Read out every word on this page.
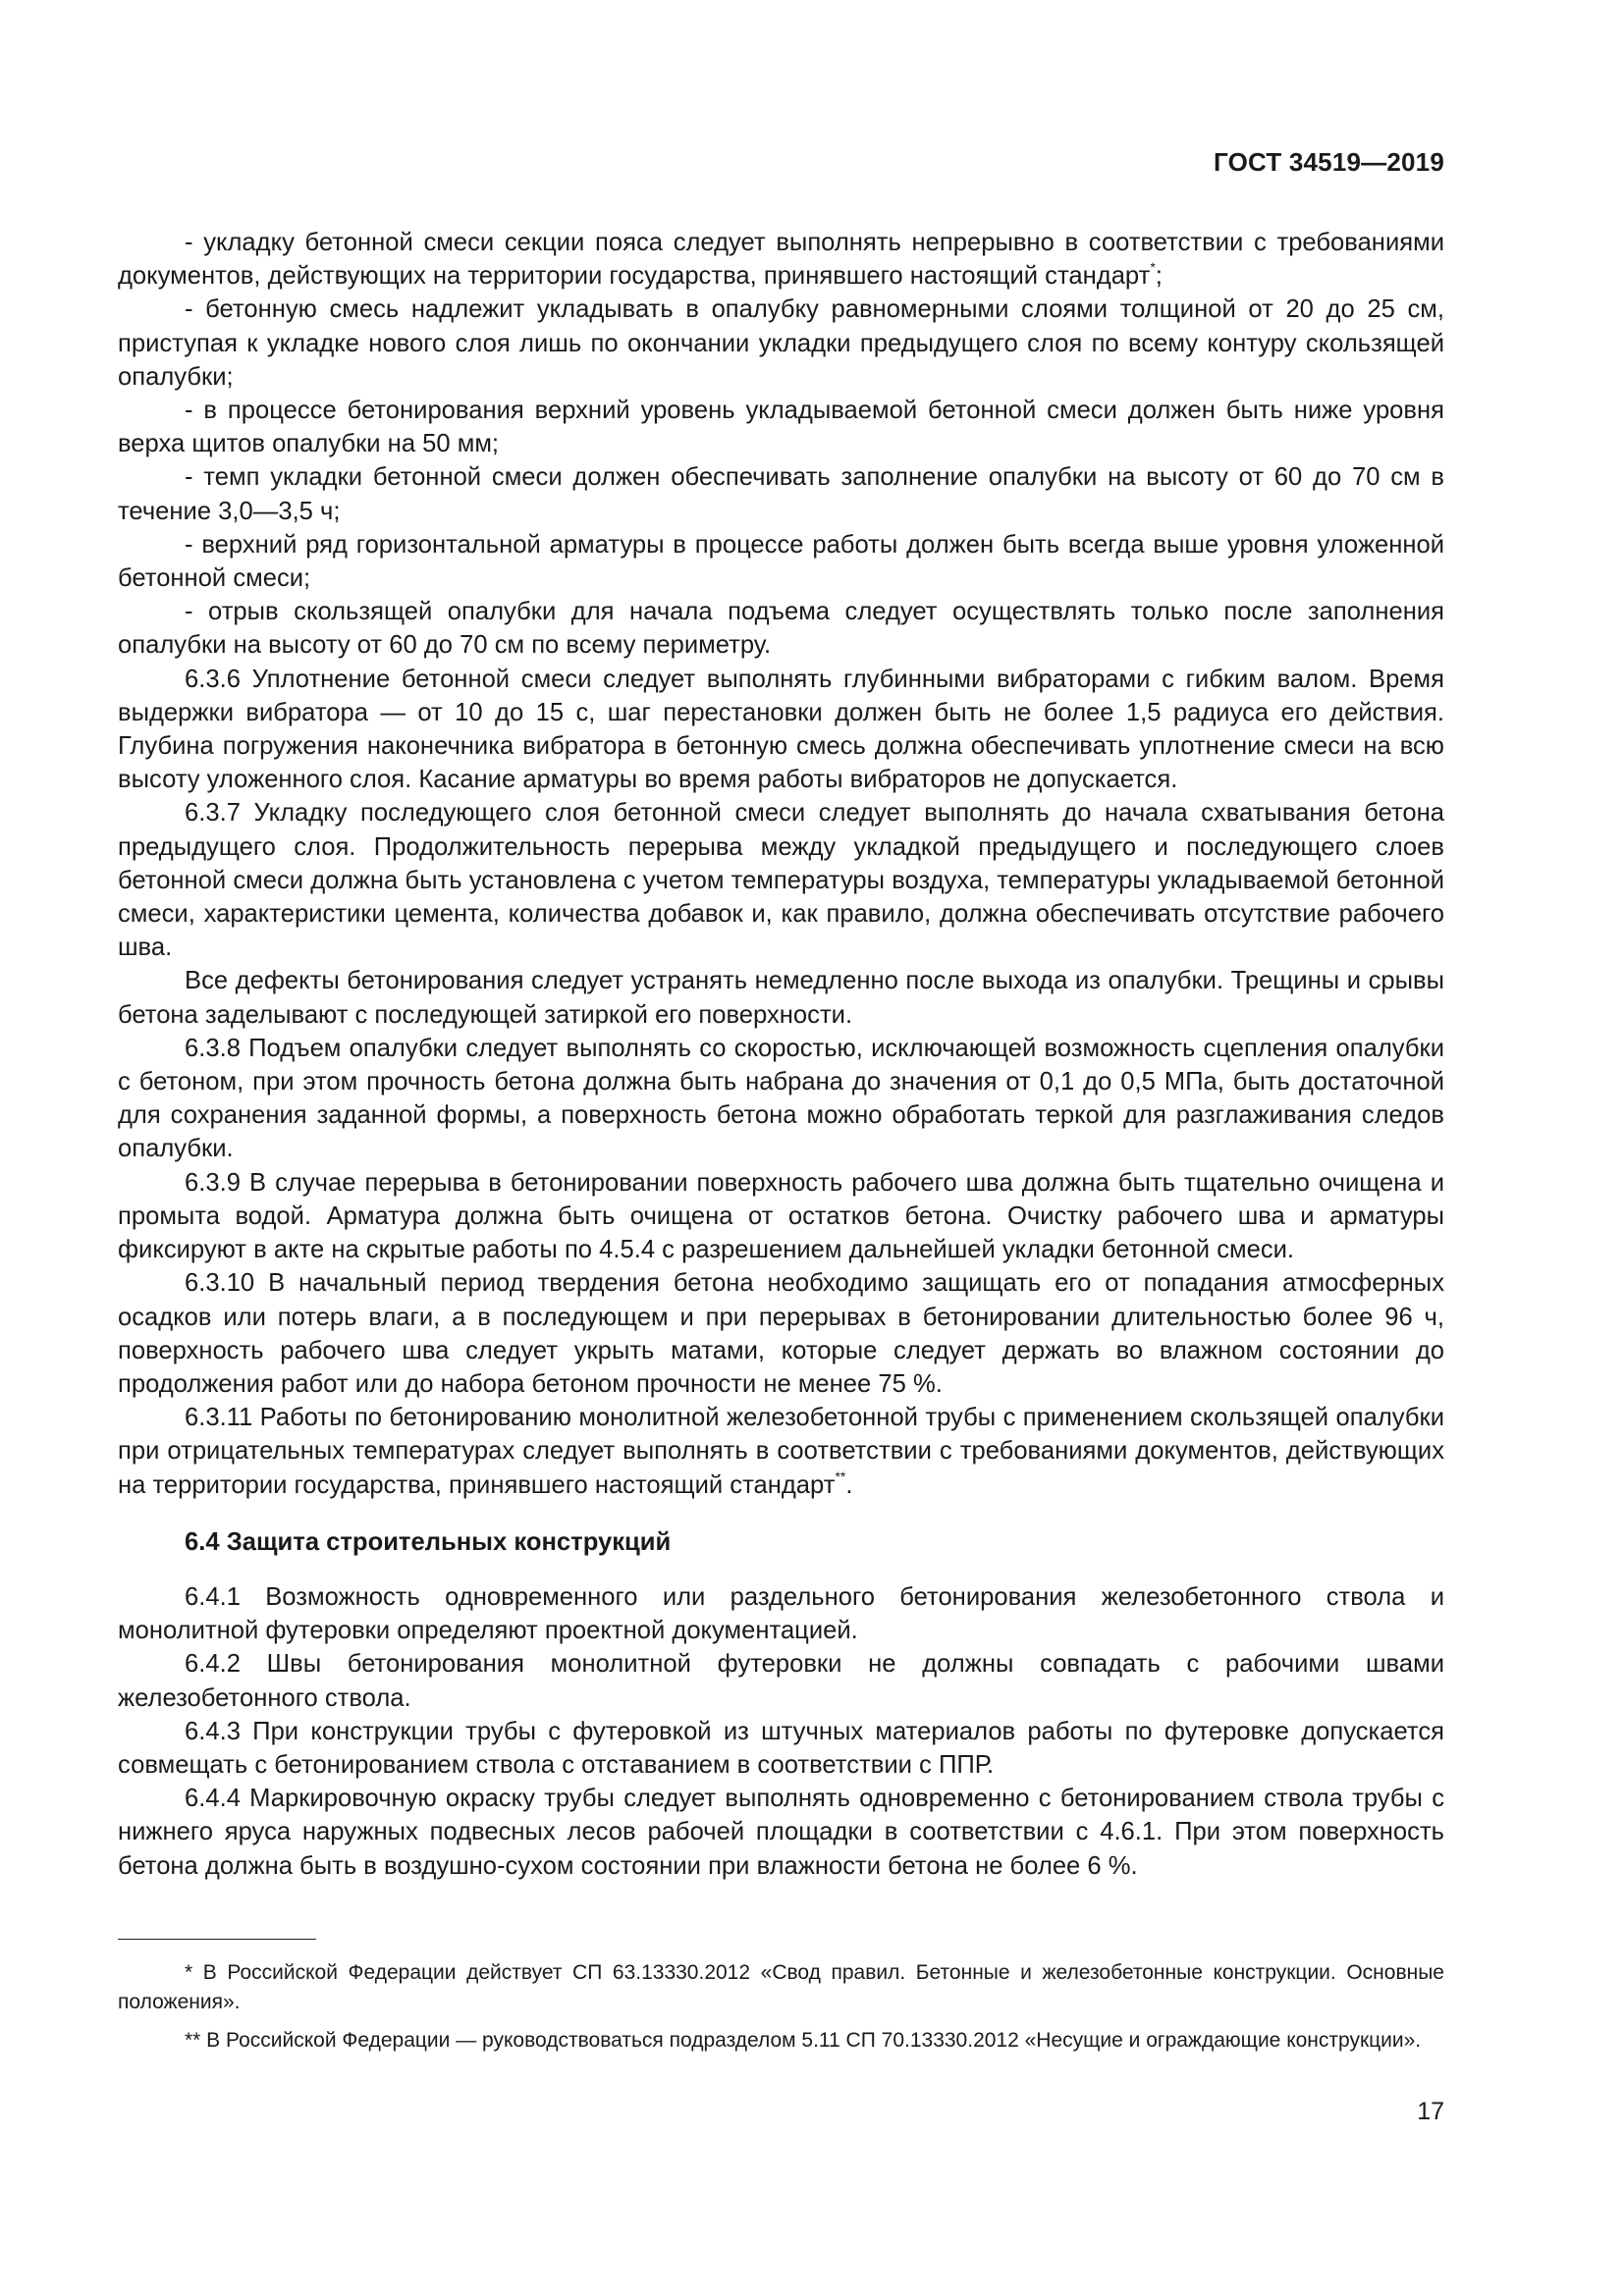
ГОСТ 34519—2019

- укладку бетонной смеси секции пояса следует выполнять непрерывно в соответствии с требованиями документов, действующих на территории государства, принявшего настоящий стандарт*;

- бетонную смесь надлежит укладывать в опалубку равномерными слоями толщиной от 20 до 25 см, приступая к укладке нового слоя лишь по окончании укладки предыдущего слоя по всему контуру скользящей опалубки;

- в процессе бетонирования верхний уровень укладываемой бетонной смеси должен быть ниже уровня верха щитов опалубки на 50 мм;

- темп укладки бетонной смеси должен обеспечивать заполнение опалубки на высоту от 60 до 70 см в течение 3,0—3,5 ч;

- верхний ряд горизонтальной арматуры в процессе работы должен быть всегда выше уровня уложенной бетонной смеси;

- отрыв скользящей опалубки для начала подъема следует осуществлять только после заполнения опалубки на высоту от 60 до 70 см по всему периметру.

6.3.6 Уплотнение бетонной смеси следует выполнять глубинными вибраторами с гибким валом. Время выдержки вибратора — от 10 до 15 с, шаг перестановки должен быть не более 1,5 радиуса его действия. Глубина погружения наконечника вибратора в бетонную смесь должна обеспечивать уплотнение смеси на всю высоту уложенного слоя. Касание арматуры во время работы вибраторов не допускается.

6.3.7 Укладку последующего слоя бетонной смеси следует выполнять до начала схватывания бетона предыдущего слоя. Продолжительность перерыва между укладкой предыдущего и последующего слоев бетонной смеси должна быть установлена с учетом температуры воздуха, температуры укладываемой бетонной смеси, характеристики цемента, количества добавок и, как правило, должна обеспечивать отсутствие рабочего шва.

Все дефекты бетонирования следует устранять немедленно после выхода из опалубки. Трещины и срывы бетона заделывают с последующей затиркой его поверхности.

6.3.8 Подъем опалубки следует выполнять со скоростью, исключающей возможность сцепления опалубки с бетоном, при этом прочность бетона должна быть набрана до значения от 0,1 до 0,5 МПа, быть достаточной для сохранения заданной формы, а поверхность бетона можно обработать теркой для разглаживания следов опалубки.

6.3.9 В случае перерыва в бетонировании поверхность рабочего шва должна быть тщательно очищена и промыта водой. Арматура должна быть очищена от остатков бетона. Очистку рабочего шва и арматуры фиксируют в акте на скрытые работы по 4.5.4 с разрешением дальнейшей укладки бетонной смеси.

6.3.10 В начальный период твердения бетона необходимо защищать его от попадания атмосферных осадков или потерь влаги, а в последующем и при перерывах в бетонировании длительностью более 96 ч, поверхность рабочего шва следует укрыть матами, которые следует держать во влажном состоянии до продолжения работ или до набора бетоном прочности не менее 75 %.

6.3.11 Работы по бетонированию монолитной железобетонной трубы с применением скользящей опалубки при отрицательных температурах следует выполнять в соответствии с требованиями документов, действующих на территории государства, принявшего настоящий стандарт**.

6.4 Защита строительных конструкций

6.4.1 Возможность одновременного или раздельного бетонирования железобетонного ствола и монолитной футеровки определяют проектной документацией.

6.4.2 Швы бетонирования монолитной футеровки не должны совпадать с рабочими швами железобетонного ствола.

6.4.3 При конструкции трубы с футеровкой из штучных материалов работы по футеровке допускается совмещать с бетонированием ствола с отставанием в соответствии с ППР.

6.4.4 Маркировочную окраску трубы следует выполнять одновременно с бетонированием ствола трубы с нижнего яруса наружных подвесных лесов рабочей площадки в соответствии с 4.6.1. При этом поверхность бетона должна быть в воздушно-сухом состоянии при влажности бетона не более 6 %.

* В Российской Федерации действует СП 63.13330.2012 «Свод правил. Бетонные и железобетонные конструкции. Основные положения».

** В Российской Федерации — руководствоваться подразделом 5.11 СП 70.13330.2012 «Несущие и ограждающие конструкции».

17
